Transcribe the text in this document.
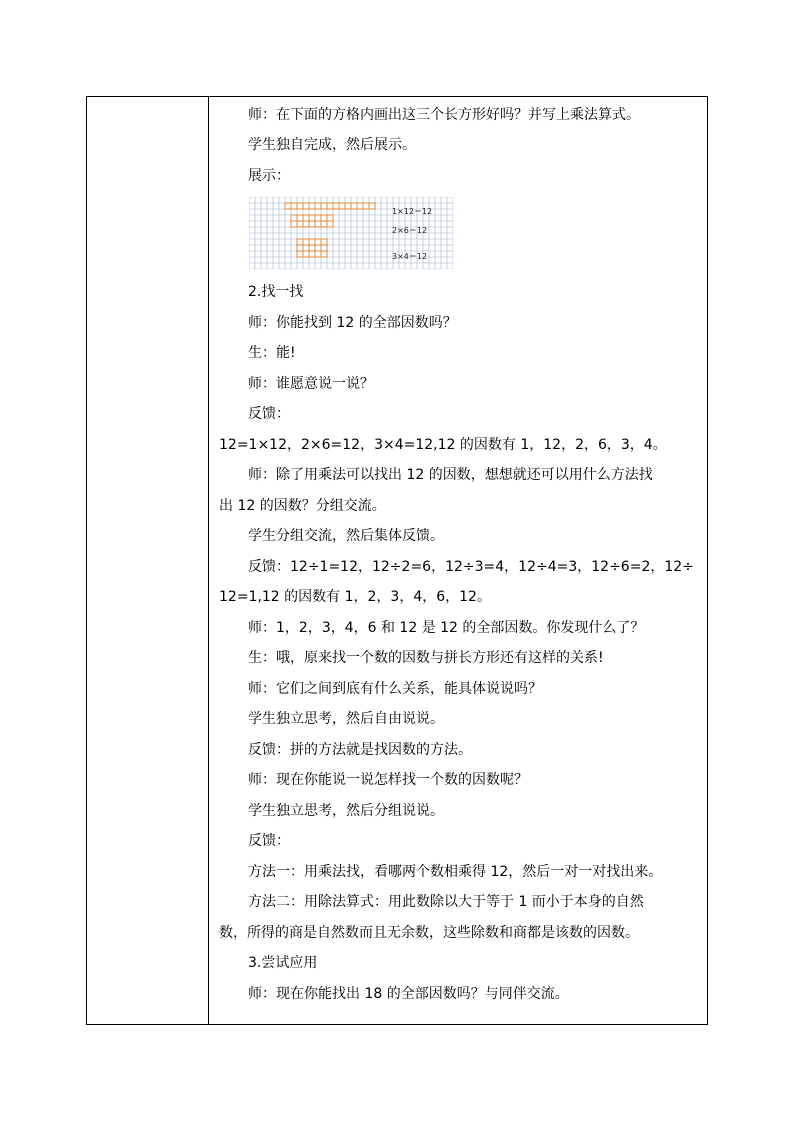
师：在下面的方格内画出这三个长方形好吗？并写上乘法算式。
学生独自完成，然后展示。
展示：
1×12＝12
2×6＝12
3×4＝12
2.找一找
师：你能找到 12 的全部因数吗？
生：能!
师：谁愿意说一说？
反馈：
12=1×12，2×6=12，3×4=12,12 的因数有 1，12，2，6，3，4。
师：除了用乘法可以找出 12 的因数，想想就还可以用什么方法找
出 12 的因数？分组交流。
学生分组交流，然后集体反馈。
反馈：12÷1=12，12÷2=6，12÷3=4，12÷4=3，12÷6=2，12÷
12=1,12 的因数有 1，2，3，4，6，12。
师：1，2，3，4，6 和 12 是 12 的全部因数。你发现什么了？
生：哦，原来找一个数的因数与拼长方形还有这样的关系!
师：它们之间到底有什么关系，能具体说说吗？
学生独立思考，然后自由说说。
反馈：拼的方法就是找因数的方法。
师：现在你能说一说怎样找一个数的因数呢？
学生独立思考，然后分组说说。
反馈：
方法一：用乘法找，看哪两个数相乘得 12，然后一对一对找出来。
方法二：用除法算式：用此数除以大于等于 1 而小于本身的自然
数，所得的商是自然数而且无余数，这些除数和商都是该数的因数。
3.尝试应用
师：现在你能找出 18 的全部因数吗？与同伴交流。
